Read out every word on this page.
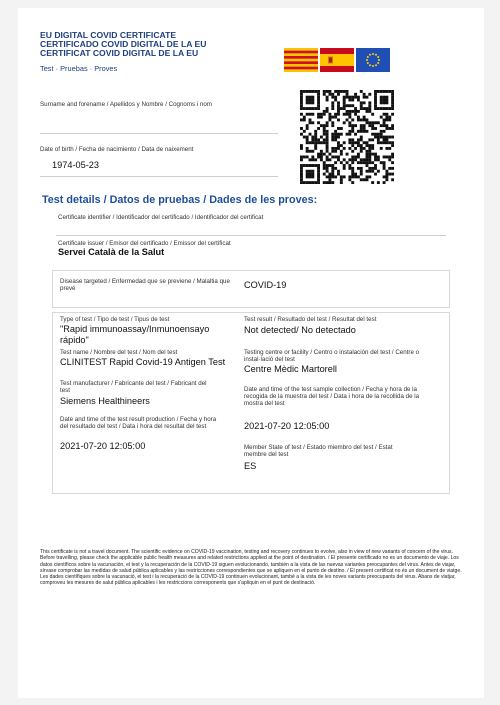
EU DIGITAL COVID CERTIFICATE
CERTIFICADO COVID DIGITAL DE LA EU
CERTIFICAT COVID DIGITAL DE LA EU
Test · Pruebas · Proves
Surname and forename / Apellidos y Nombre / Cognoms i nom
Date of birth / Fecha de nacimiento / Data de naixement
1974-05-23
Test details / Datos de pruebas / Dades de les proves:
Certificate identifier / Identificador del certificado / Identificador del certificat
Certificate issuer / Emisor del certificado / Emissor del certificat
Servei Català de la Salut
Disease targeted / Enfermedad que se previene / Malaltia que prevé	COVID-19
Type of test / Tipo de test / Tipus de test
"Rapid immunoassay/Inmunoensayo rápido"
Test name / Nombre del test / Nom del test
CLINITEST Rapid Covid-19 Antigen Test
Test manufacturer / Fabricante del test / Fabricant del test
Siemens Healthineers
Date and time of the test result production / Fecha y hora del resultado del test / Data i hora del resultat del test
2021-07-20 12:05:00
Test result / Resultado del test / Resultat del test
Not detected/ No detectado
Testing centre or facility / Centro o instalación del test / Centre o instal·lació del test
Centre Mèdic Martorell
Date and time of the test sample collection / Fecha y hora de la recogida de la muestra del test / Data i hora de la recollida de la mostra del test
2021-07-20 12:05:00
Member State of test / Estado miembro del test / Estat membre del test
ES
This certificate is not a travel document. The scientific evidence on COVID-19 vaccination, testing and recovery continues to evolve, also in view of new variants of concern of the virus. Before travelling, please check the applicable public health measures and related restrictions applied at the point of destination. / El presente certificado no es un documento de viaje. Los datos científicos sobre la vacunación, el test y la recuperación de la COVID-19 siguen evolucionando, también a la vista de las nuevas variantes preocupantes del virus. Antes de viajar, sírvase comprobar las medidas de salud pública aplicables y las restricciones correspondientes que se apliquen en el punto de destino. / El present certificat no és un document de viatge. Les dades científiques sobre la vacunació, el test i la recuperació de la COVID-19 continuen evolucionant, també a la vista de les noves variants preocupants del virus. Abans de viatjar, comproveu les mesures de salut pública aplicables i les restriccions corresponents que s'apliquin en el punt de destinació.
